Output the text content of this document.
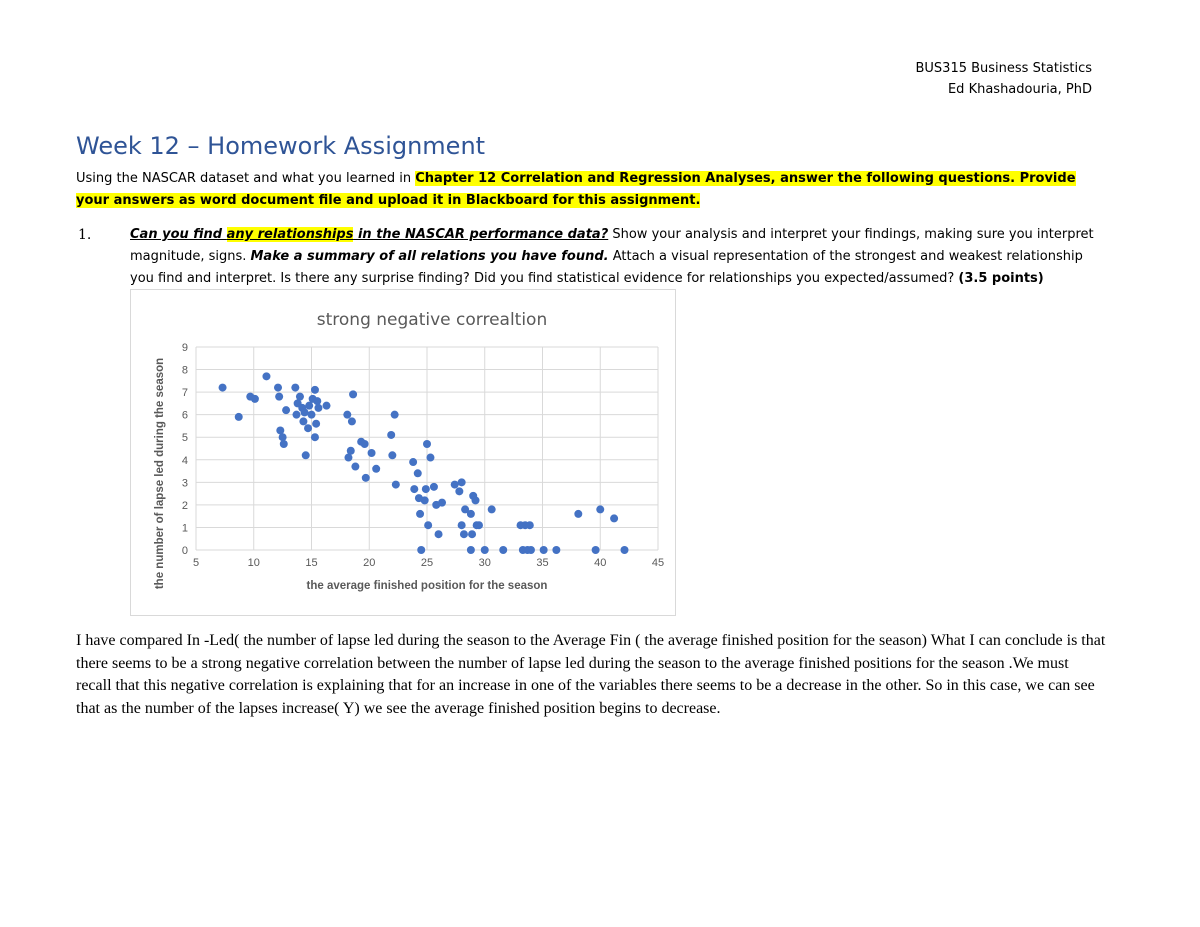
BUS315 Business Statistics
Ed Khashadouria, PhD
Week 12 – Homework Assignment
Using the NASCAR dataset and what you learned in Chapter 12 Correlation and Regression Analyses, answer the following questions. Provide your answers as word document file and upload it in Blackboard for this assignment.
1.	Can you find any relationships in the NASCAR performance data? Show your analysis and interpret your findings, making sure you interpret magnitude, signs. Make a summary of all relations you have found. Attach a visual representation of the strongest and weakest relationship you find and interpret. Is there any surprise finding? Did you find statistical evidence for relationships you expected/assumed? (3.5 points)
0
1
2
3
4
5
6
7
8
9
5	10	15	20	25	30	35	40	45
strong negative correaltion
the average finished position for the season
the number of lapse led during the season
I have compared In -Led( the number of lapse led during the season to the Average Fin ( the average finished position for the season) What I can conclude is that there seems to be a strong negative correlation between the number of lapse led during the season to the average finished positions for the season .We must recall that this negative correlation is explaining that for an increase in one of the variables there seems to be a decrease in the other. So in this case, we can see that as the number of the lapses increase( Y) we see the average finished position begins to decrease.
